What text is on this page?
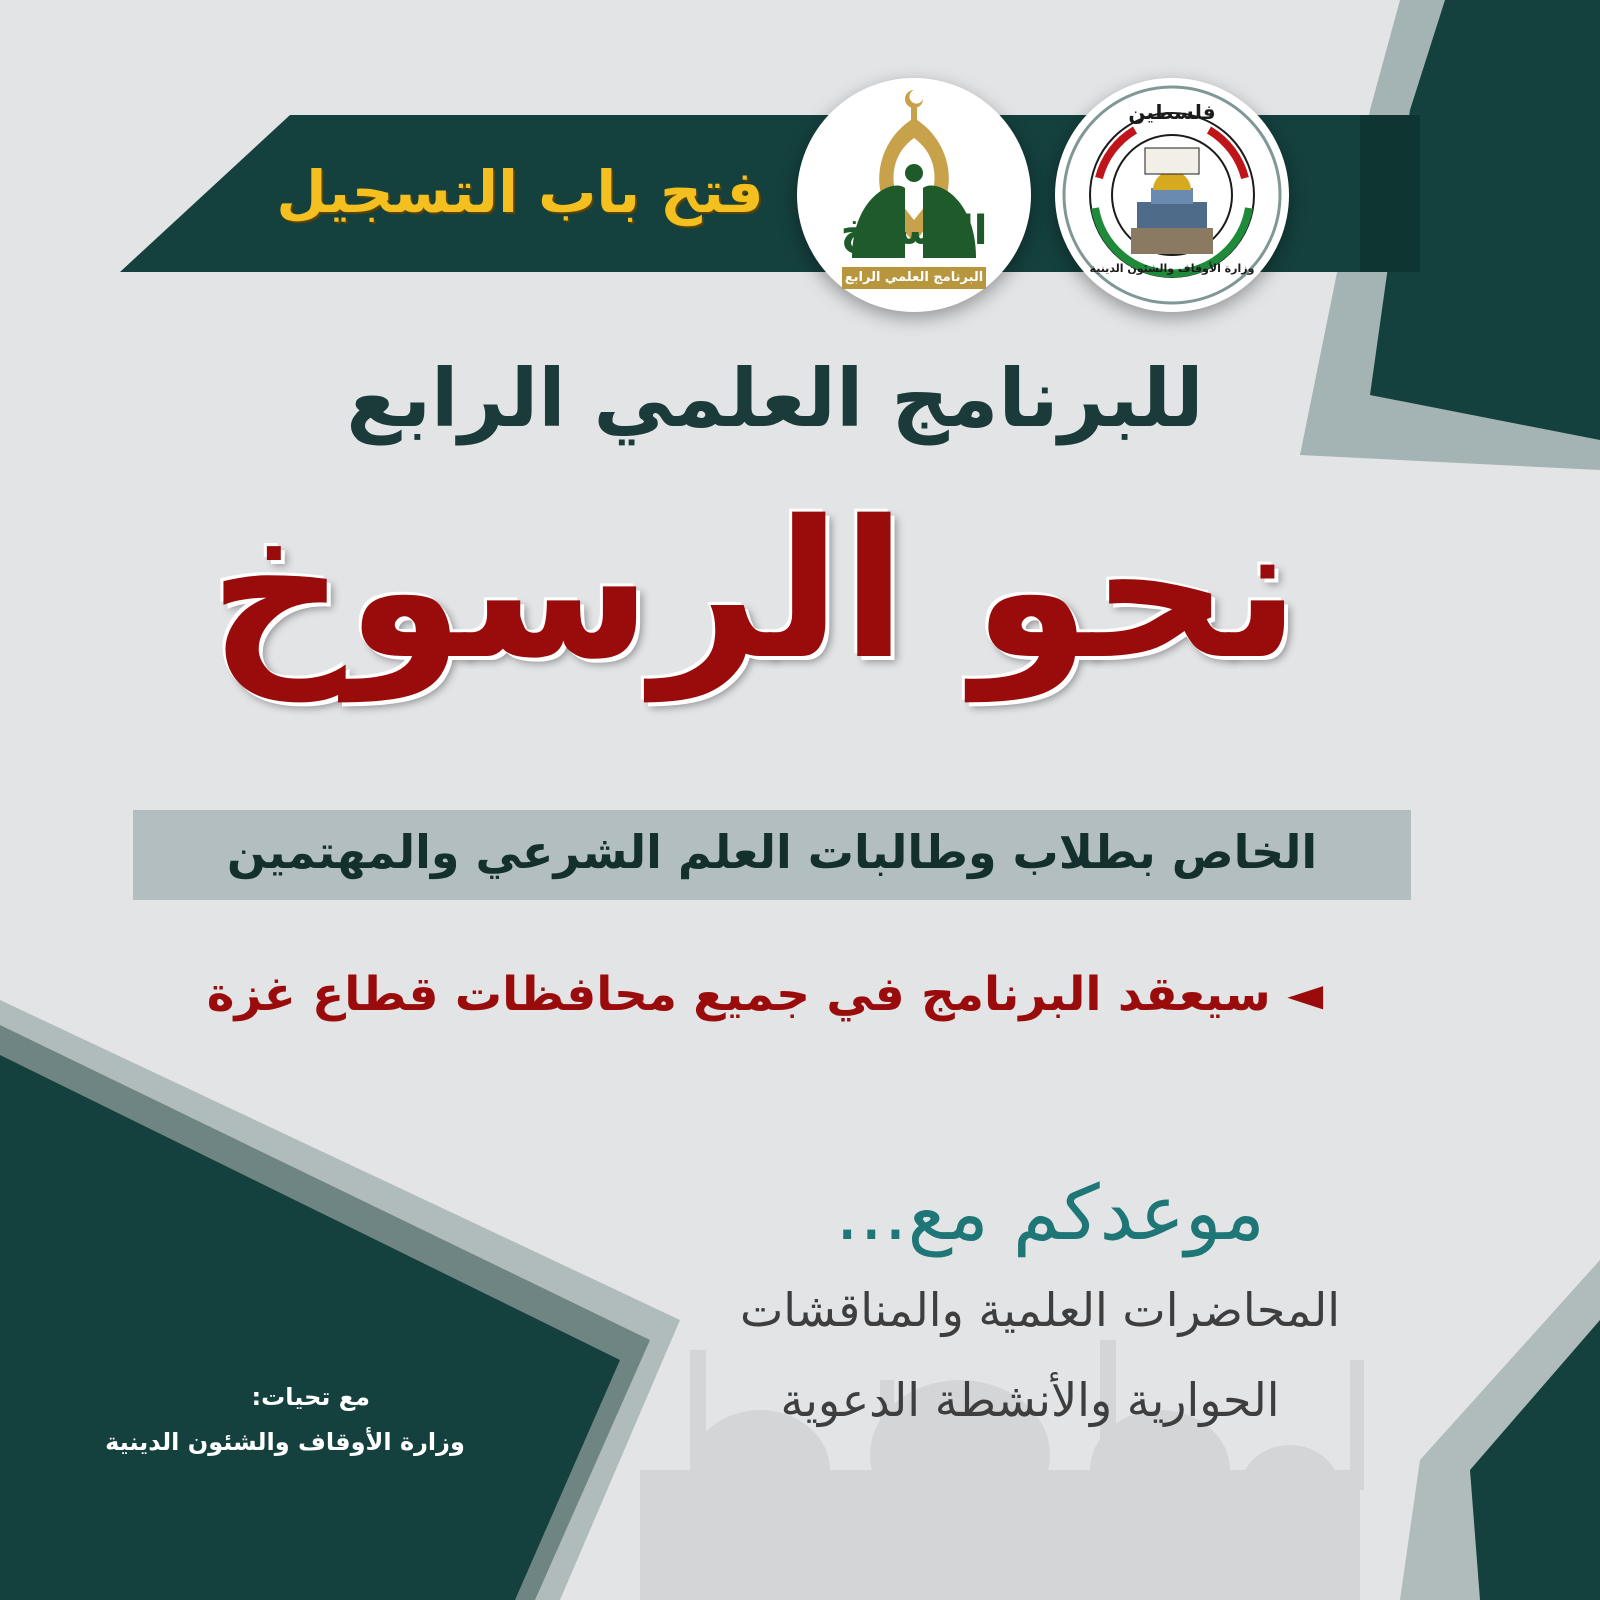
فتح باب التسجيل
الرسوخ
البرنامج العلمي الرابع
فلسطين
وزارة الأوقاف والشئون الدينية
للبرنامج العلمي الرابع
نحو الرسوخ
الخاص بطلاب وطالبات العلم الشرعي والمهتمين
◄ سيعقد البرنامج في جميع محافظات قطاع غزة
موعدكم مع...
المحاضرات العلمية والمناقشات
الحوارية والأنشطة الدعوية
مع تحيات:
وزارة الأوقاف والشئون الدينية
